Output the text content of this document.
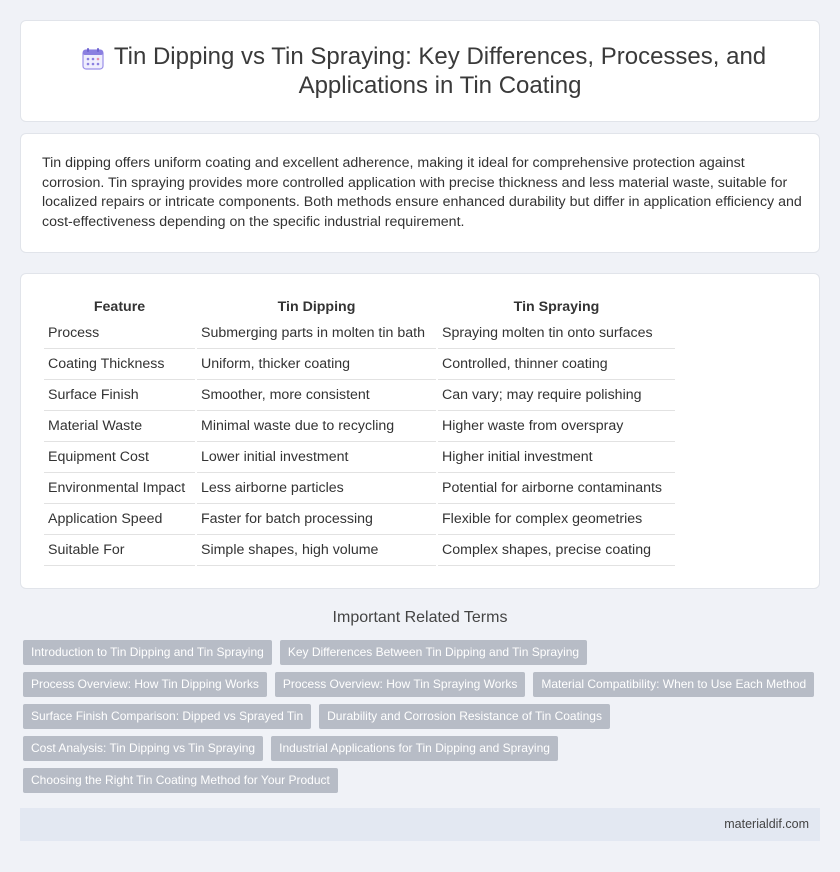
Tin Dipping vs Tin Spraying: Key Differences, Processes, and Applications in Tin Coating

Tin dipping offers uniform coating and excellent adherence, making it ideal for comprehensive protection against corrosion. Tin spraying provides more controlled application with precise thickness and less material waste, suitable for localized repairs or intricate components. Both methods ensure enhanced durability but differ in application efficiency and cost-effectiveness depending on the specific industrial requirement.

Feature	Tin Dipping	Tin Spraying
Process	Submerging parts in molten tin bath	Spraying molten tin onto surfaces
Coating Thickness	Uniform, thicker coating	Controlled, thinner coating
Surface Finish	Smoother, more consistent	Can vary; may require polishing
Material Waste	Minimal waste due to recycling	Higher waste from overspray
Equipment Cost	Lower initial investment	Higher initial investment
Environmental Impact	Less airborne particles	Potential for airborne contaminants
Application Speed	Faster for batch processing	Flexible for complex geometries
Suitable For	Simple shapes, high volume	Complex shapes, precise coating
Important Related Terms
Introduction to Tin Dipping and Tin Spraying	Key Differences Between Tin Dipping and Tin Spraying
Process Overview: How Tin Dipping Works	Process Overview: How Tin Spraying Works	Material Compatibility: When to Use Each Method
Surface Finish Comparison: Dipped vs Sprayed Tin	Durability and Corrosion Resistance of Tin Coatings
Cost Analysis: Tin Dipping vs Tin Spraying	Industrial Applications for Tin Dipping and Spraying
Choosing the Right Tin Coating Method for Your Product
materialdif.com
